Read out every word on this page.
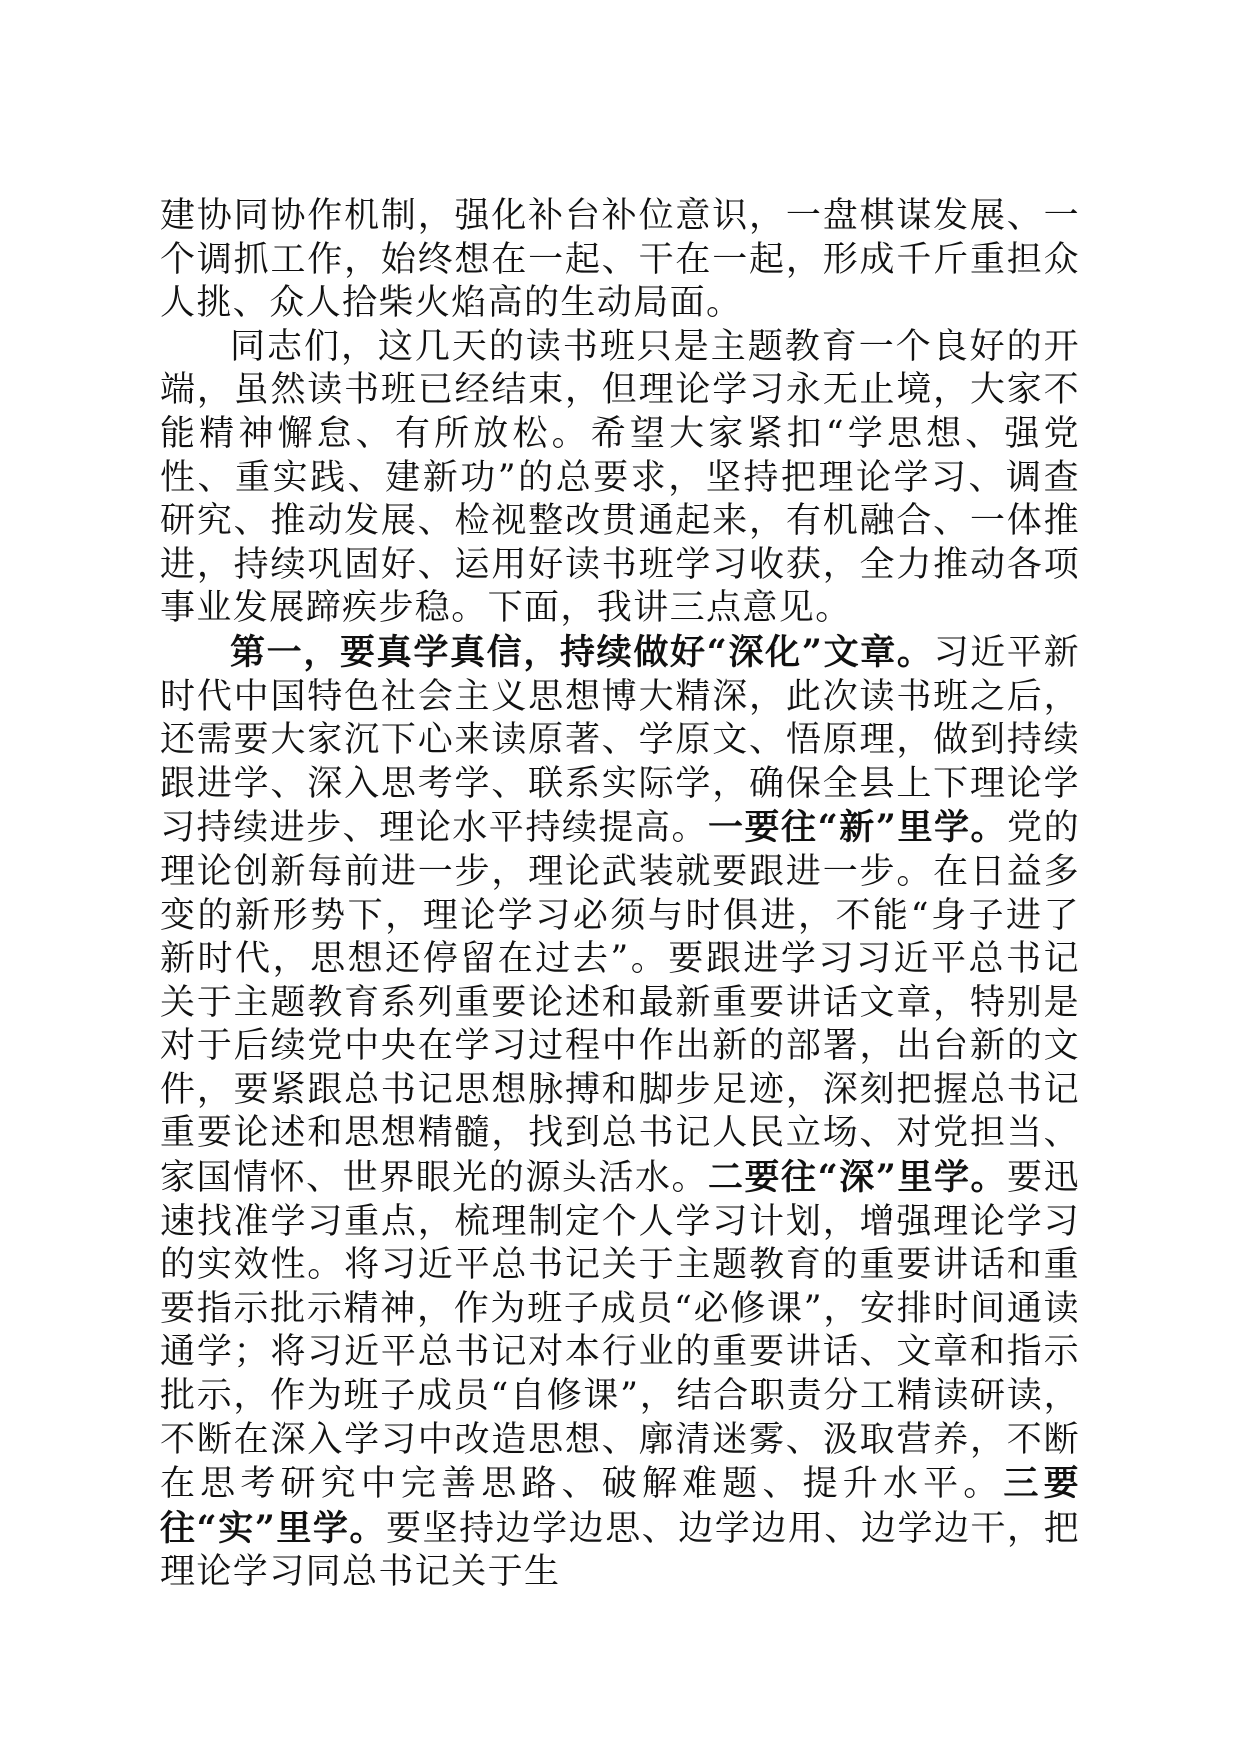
建协同协作机制，强化补台补位意识，一盘棋谋发展、一个调抓工作，始终想在一起、干在一起，形成千斤重担众人挑、众人拾柴火焰高的生动局面。

同志们，这几天的读书班只是主题教育一个良好的开端，虽然读书班已经结束，但理论学习永无止境，大家不能精神懈怠、有所放松。希望大家紧扣“学思想、强党性、重实践、建新功”的总要求，坚持把理论学习、调查研究、推动发展、检视整改贯通起来，有机融合、一体推进，持续巩固好、运用好读书班学习收获，全力推动各项事业发展蹄疾步稳。下面，我讲三点意见。

第一，要真学真信，持续做好“深化”文章。习近平新时代中国特色社会主义思想博大精深，此次读书班之后，还需要大家沉下心来读原著、学原文、悟原理，做到持续跟进学、深入思考学、联系实际学，确保全县上下理论学习持续进步、理论水平持续提高。一要往“新”里学。党的理论创新每前进一步，理论武装就要跟进一步。在日益多变的新形势下，理论学习必须与时俱进，不能“身子进了新时代，思想还停留在过去”。要跟进学习习近平总书记关于主题教育系列重要论述和最新重要讲话文章，特别是对于后续党中央在学习过程中作出新的部署，出台新的文件，要紧跟总书记思想脉搏和脚步足迹，深刻把握总书记重要论述和思想精髓，找到总书记人民立场、对党担当、家国情怀、世界眼光的源头活水。二要往“深”里学。要迅速找准学习重点，梳理制定个人学习计划，增强理论学习的实效性。将习近平总书记关于主题教育的重要讲话和重要指示批示精神，作为班子成员“必修课”，安排时间通读通学；将习近平总书记对本行业的重要讲话、文章和指示批示，作为班子成员“自修课”，结合职责分工精读研读，不断在深入学习中改造思想、廓清迷雾、汲取营养，不断在思考研究中完善思路、破解难题、提升水平。三要往“实”里学。要坚持边学边思、边学边用、边学边干，把理论学习同总书记关于生
